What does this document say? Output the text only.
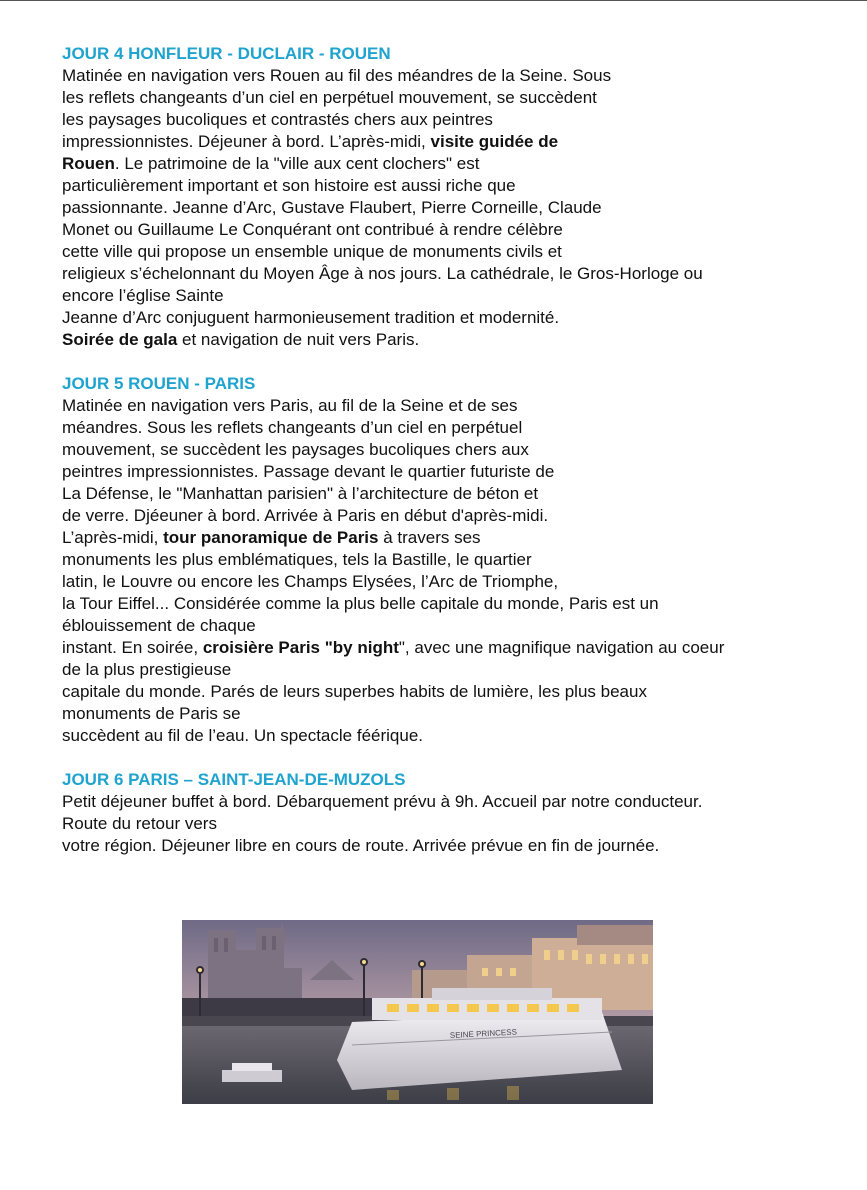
JOUR 4 HONFLEUR - DUCLAIR - ROUEN
Matinée en navigation vers Rouen au fil des méandres de la Seine. Sous
les reflets changeants d’un ciel en perpétuel mouvement, se succèdent
les paysages bucoliques et contrastés chers aux peintres
impressionnistes. Déjeuner à bord. L’après-midi, visite guidée de
Rouen. Le patrimoine de la "ville aux cent clochers" est
particulièrement important et son histoire est aussi riche que
passionnante. Jeanne d’Arc, Gustave Flaubert, Pierre Corneille, Claude
Monet ou Guillaume Le Conquérant ont contribué à rendre célèbre
cette ville qui propose un ensemble unique de monuments civils et
religieux s’échelonnant du Moyen Âge à nos jours. La cathédrale, le Gros-Horloge ou
encore l’église Sainte
Jeanne d’Arc conjuguent harmonieusement tradition et modernité.
Soirée de gala et navigation de nuit vers Paris.
JOUR 5 ROUEN - PARIS
Matinée en navigation vers Paris, au fil de la Seine et de ses
méandres. Sous les reflets changeants d’un ciel en perpétuel
mouvement, se succèdent les paysages bucoliques chers aux
peintres impressionnistes. Passage devant le quartier futuriste de
La Défense, le "Manhattan parisien" à l’architecture de béton et
de verre. Djéeuner à bord. Arrivée à Paris en début d'après-midi.
L’après-midi, tour panoramique de Paris à travers ses
monuments les plus emblématiques, tels la Bastille, le quartier
latin, le Louvre ou encore les Champs Elysées, l’Arc de Triomphe,
la Tour Eiffel... Considérée comme la plus belle capitale du monde, Paris est un
éblouissement de chaque
instant. En soirée, croisière Paris "by night", avec une magnifique navigation au coeur
de la plus prestigieuse
capitale du monde. Parés de leurs superbes habits de lumière, les plus beaux
monuments de Paris se
succèdent au fil de l’eau. Un spectacle féérique.
JOUR 6 PARIS – SAINT-JEAN-DE-MUZOLS
Petit déjeuner buffet à bord. Débarquement prévu à 9h. Accueil par notre conducteur.
Route du retour vers
votre région. Déjeuner libre en cours de route. Arrivée prévue en fin de journée.
SEINE PRINCESS
